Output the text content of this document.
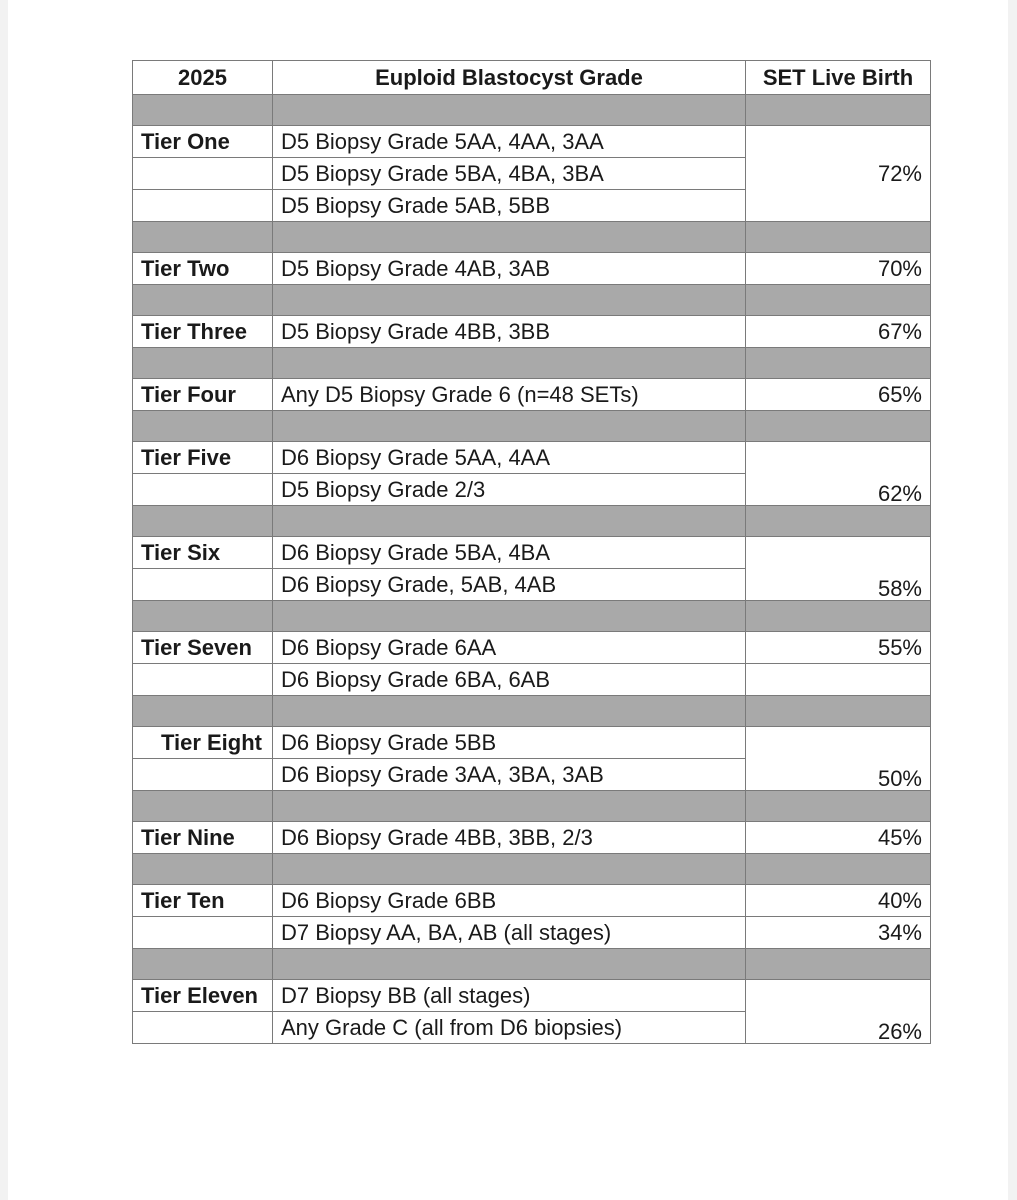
2025	Euploid Blastocyst Grade	SET Live Birth

Tier One	D5 Biopsy Grade 5AA, 4AA, 3AA	72%
	D5 Biopsy Grade 5BA, 4BA, 3BA	
	D5 Biopsy Grade 5AB, 5BB	

Tier Two	D5 Biopsy Grade 4AB, 3AB	70%

Tier Three	D5 Biopsy Grade 4BB, 3BB	67%

Tier Four	Any D5 Biopsy Grade 6 (n=48 SETs)	65%

Tier Five	D6 Biopsy Grade 5AA, 4AA	62%
	D5 Biopsy Grade 2/3	

Tier Six	D6 Biopsy Grade 5BA, 4BA	58%
	D6 Biopsy Grade, 5AB, 4AB	

Tier Seven	D6 Biopsy Grade 6AA	55%
	D6 Biopsy Grade 6BA, 6AB	

Tier Eight	D6 Biopsy Grade 5BB	50%
	D6 Biopsy Grade 3AA, 3BA, 3AB	

Tier Nine	D6 Biopsy Grade 4BB, 3BB, 2/3	45%

Tier Ten	D6 Biopsy Grade 6BB	40%
	D7 Biopsy AA, BA, AB (all stages)	34%

Tier Eleven	D7 Biopsy BB (all stages)	26%
	Any Grade C (all from D6 biopsies)	
